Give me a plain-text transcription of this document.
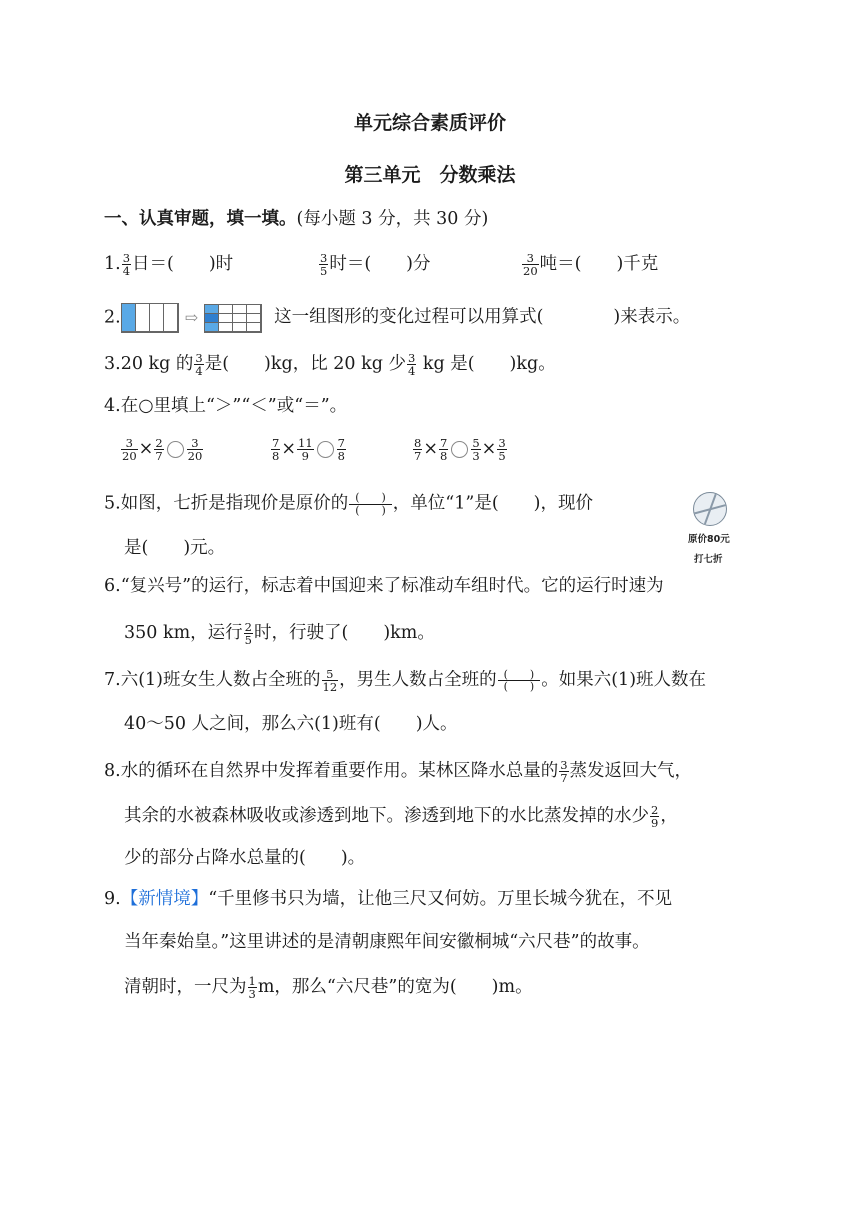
单元综合素质评价
第三单元　分数乘法
一、认真审题，填一填。(每小题 3 分，共 30 分)
1. $\frac{3}{4}$ 日＝(　　)时	$\frac{3}{5}$ 时＝(　　)分	$\frac{3}{20}$ 吨＝(　　)千克
2.	⇨	这一组图形的变化过程可以用算式(　　　　)来表示。
3.20 kg 的 $\frac{3}{4}$ 是(　　)kg，比 20 kg 少 $\frac{3}{4}$ kg 是(　　)kg。
4.在○里填上“＞”“＜”或“＝”。
$\frac{3}{20} \times \frac{2}{7} \frac{3}{20}$	$\frac{7}{8} \times \frac{11}{9} \frac{7}{8}$	$\frac{8}{7} \times \frac{7}{8} \frac{5}{3} \times \frac{3}{5}$
5.如图，七折是指现价是原价的 (　　)
(　　) ，单位“1”是(　　)，现价
是(　　)元。	原价80元
打七折
6.“复兴号”的运行，标志着中国迎来了标准动车组时代。它的运行时速为
350 km，运行 $\frac{2}{5}$ 时，行驶了(　　)km。
7.六(1)班女生人数占全班的 $\frac{5}{12}$ ，男生人数占全班的 (　　)
(　　) 。如果六(1)班人数在
40～50 人之间，那么六(1)班有(　　)人。
8.水的循环在自然界中发挥着重要作用。某林区降水总量的 $\frac{3}{7}$ 蒸发返回大气，
其余的水被森林吸收或渗透到地下。渗透到地下的水比蒸发掉的水少 $\frac{2}{9}$ ，
少的部分占降水总量的(　　)。
9.【新情境】“千里修书只为墙，让他三尺又何妨。万里长城今犹在，不见
当年秦始皇。”这里讲述的是清朝康熙年间安徽桐城“六尺巷”的故事。
清朝时，一尺为 $\frac{1}{3}$ m，那么“六尺巷”的宽为(　　)m。
